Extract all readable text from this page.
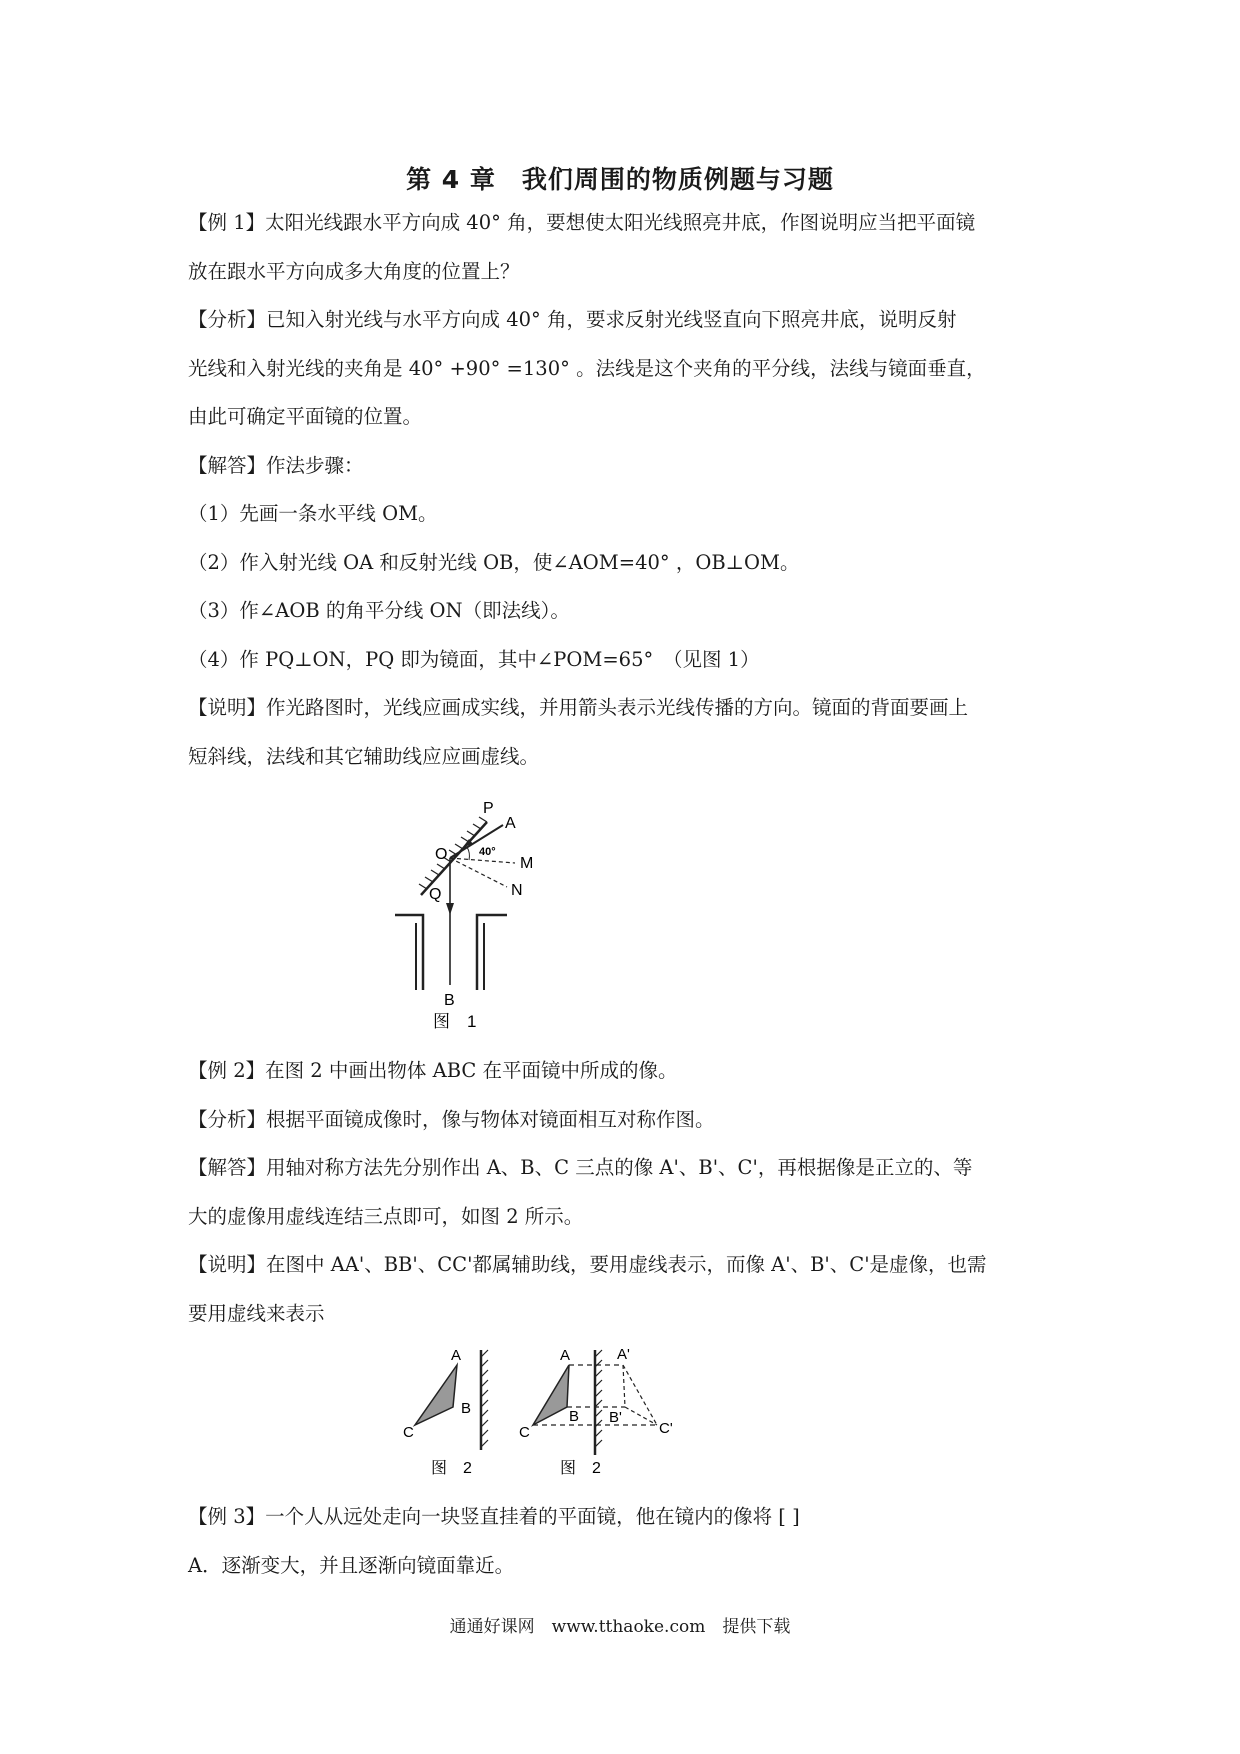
第 4 章　我们周围的物质例题与习题
【例 1】太阳光线跟水平方向成 40° 角，要想使太阳光线照亮井底，作图说明应当把平面镜
放在跟水平方向成多大角度的位置上？
【分析】已知入射光线与水平方向成 40° 角，要求反射光线竖直向下照亮井底，说明反射
光线和入射光线的夹角是 40° +90° =130° 。法线是这个夹角的平分线，法线与镜面垂直，
由此可确定平面镜的位置。
【解答】作法步骤：
（1）先画一条水平线 OM。
（2）作入射光线 OA 和反射光线 OB，使∠AOM=40° ，OB⊥OM。
（3）作∠AOB 的角平分线 ON（即法线）。
（4）作 PQ⊥ON，PQ 即为镜面，其中∠POM=65°　（见图 1）
【说明】作光路图时，光线应画成实线，并用箭头表示光线传播的方向。镜面的背面要画上
短斜线，法线和其它辅助线应应画虚线。
P
A
O	40°
M
Q	N
B
图　1
【例 2】在图 2 中画出物体 ABC 在平面镜中所成的像。
【分析】根据平面镜成像时，像与物体对镜面相互对称作图。
【解答】用轴对称方法先分别作出 A、B、C 三点的像 A'、B'、C'，再根据像是正立的、等
大的虚像用虚线连结三点即可，如图 2 所示。
【说明】在图中 AA'、BB'、CC'都属辅助线，要用虚线表示，而像 A'、B'、C'是虚像，也需
要用虚线来表示
A
B
C
图　2
A
B
C
A'
B'
C'
图　2
【例 3】一个人从远处走向一块竖直挂着的平面镜，他在镜内的像将 [ ]
A．逐渐变大，并且逐渐向镜面靠近。
通通好课网　www.tthaoke.com　提供下载
